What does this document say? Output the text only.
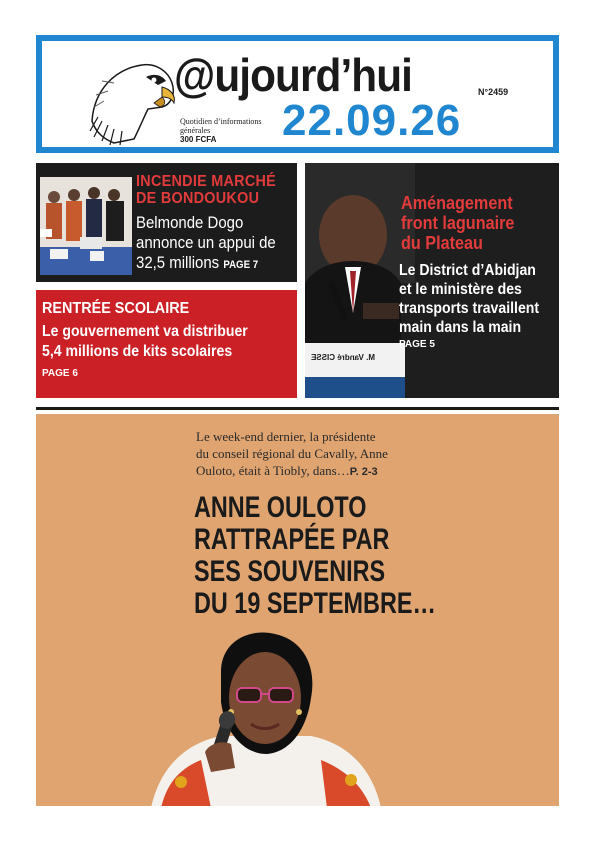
@ujourd’hui	N°2459
22.09.26
Quotidien d’informations générales
300 FCFA
INCENDIE MARCHÉ
DE BONDOUKOU
Belmonde Dogo
annonce un appui de
32,5 millions PAGE 7
RENTRÉE SCOLAIRE
Le gouvernement va distribuer
5,4 millions de kits scolaires
PAGE 6
M. Vandré CISSE
Aménagement
front lagunaire
du Plateau
Le District d’Abidjan
et le ministère des
transports travaillent
main dans la main
PAGE 5
Le week-end dernier, la présidente
du conseil régional du Cavally, Anne
Ouloto, était à Tiobly, dans…P. 2-3
ANNE OULOTO
RATTRAPÉE PAR
SES SOUVENIRS
DU 19 SEPTEMBRE…
